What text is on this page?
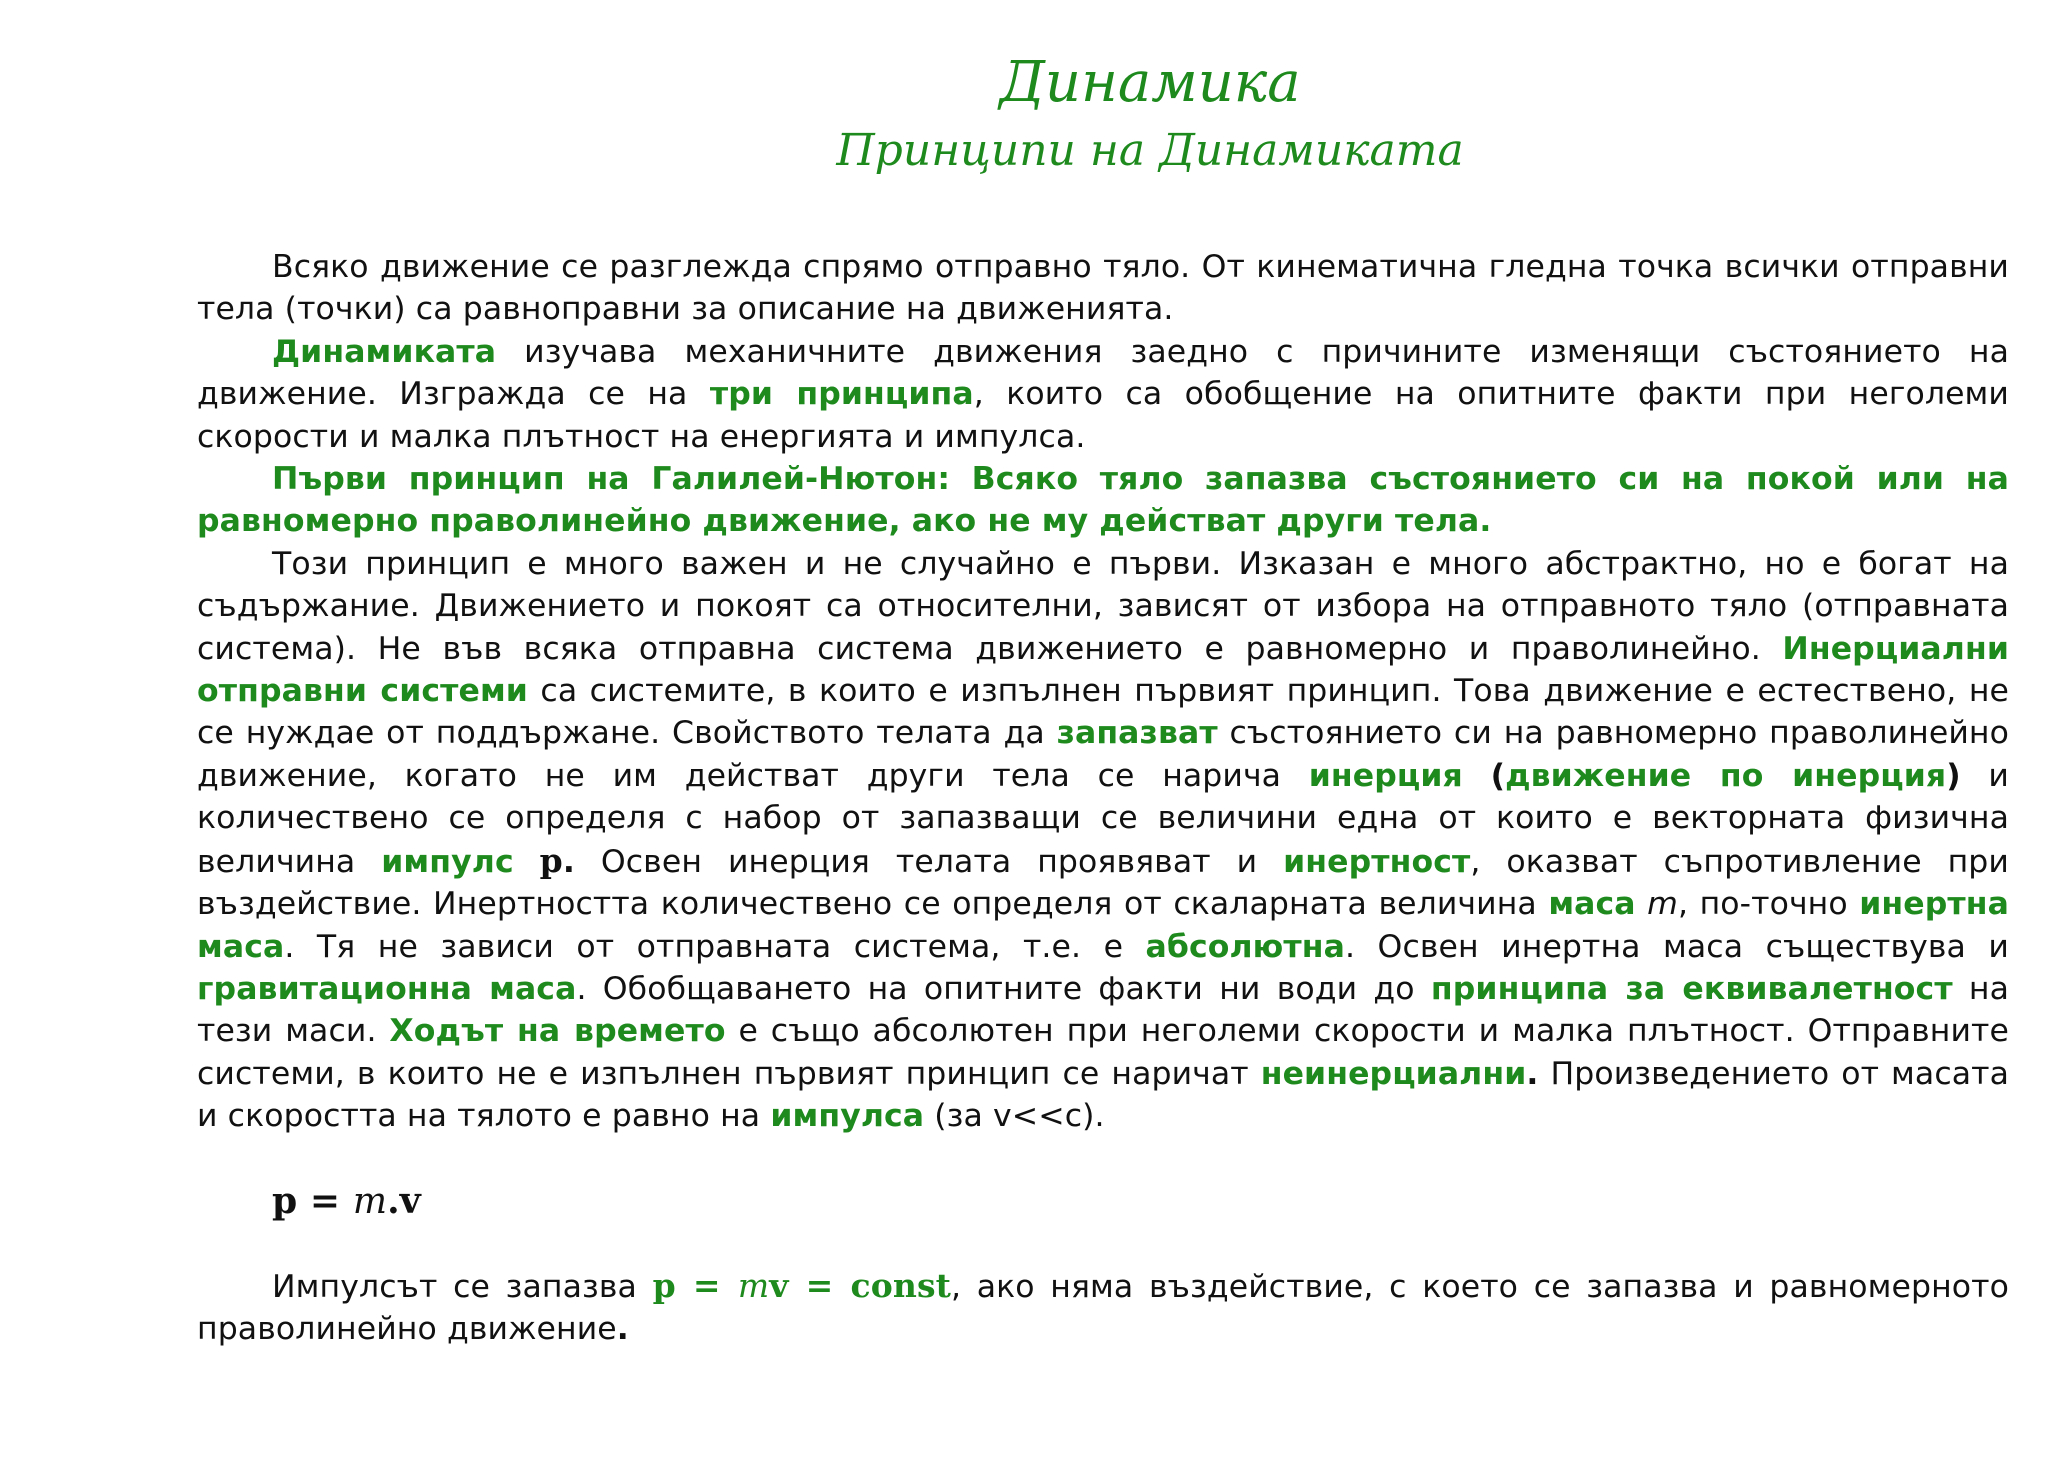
Динамика
Принципи на Динамиката

Всяко движение се разглежда спрямо отправно тяло. От кинематична гледна точка всички отправни тела (точки) са равноправни за описание на движенията.

Динамиката изучава механичните движения заедно с причините изменящи състоянието на движение. Изгражда се на три принципа, които са обобщение на опитните факти при неголеми скорости и малка плътност на енергията и импулса.

Първи принцип на Галилей-Нютон: Всяко тяло запазва състоянието си на покой или на равномерно праволинейно движение, ако не му действат други тела.

Този принцип е много важен и не случайно е първи. Изказан е много абстрактно, но е богат на съдържание. Движението и покоят са относителни, зависят от избора на отправното тяло (отправната система). Не във всяка отправна система движението е равномерно и праволинейно. Инерциални отправни системи са системите, в които е изпълнен първият принцип. Това движение е естествено, не се нуждае от поддържане. Свойството телата да запазват състоянието си на равномерно праволинейно движение, когато не им действат други тела се нарича инерция (движение по инерция) и количествено се определя с набор от запазващи се величини една от които е векторната физична величина импулс p. Освен инерция телата проявяват и инертност, оказват съпротивление при въздействие. Инертността количествено се определя от скаларната величина маса m, по-точно инертна маса. Тя не зависи от отправната система, т.е. е абсолютна. Освен инертна маса съществува и гравитационна маса. Обобщаването на опитните факти ни води до принципа за еквивалетност на тези маси. Ходът на времето е също абсолютен при неголеми скорости и малка плътност. Отправните системи, в които не е изпълнен първият принцип се наричат неинерциални. Произведението от масата и скоростта на тялото е равно на импулса (за v<<c).

p = m.v

Импулсът се запазва p = mv = const, ако няма въздействие, с което се запазва и равномерното праволинейно движение.
